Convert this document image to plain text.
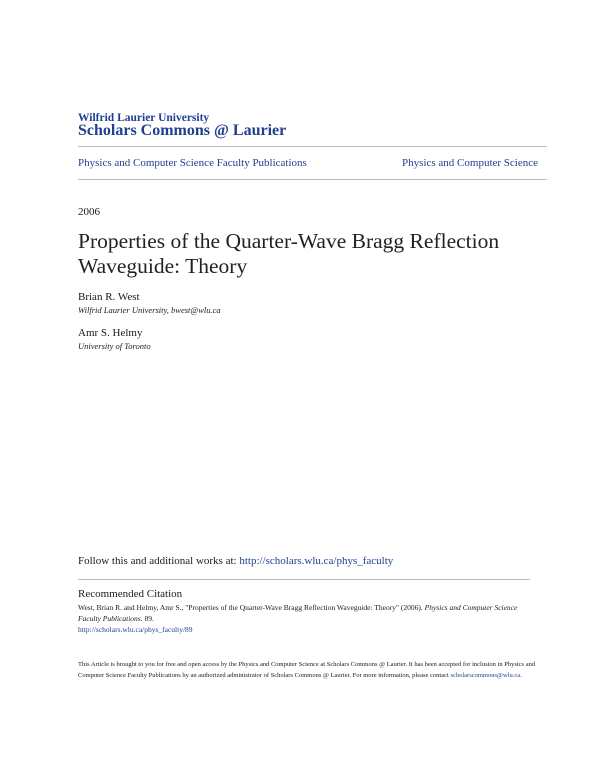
Wilfrid Laurier University
Scholars Commons @ Laurier
Physics and Computer Science Faculty Publications	Physics and Computer Science
2006
Properties of the Quarter-Wave Bragg Reflection Waveguide: Theory
Brian R. West
Wilfrid Laurier University, bwest@wlu.ca
Amr S. Helmy
University of Toronto
Follow this and additional works at: http://scholars.wlu.ca/phys_faculty
Recommended Citation
West, Brian R. and Helmy, Amr S., "Properties of the Quarter-Wave Bragg Reflection Waveguide: Theory" (2006). Physics and Computer Science Faculty Publications. 89.
http://scholars.wlu.ca/phys_faculty/89
This Article is brought to you for free and open access by the Physics and Computer Science at Scholars Commons @ Laurier. It has been accepted for inclusion in Physics and Computer Science Faculty Publications by an authorized administrator of Scholars Commons @ Laurier. For more information, please contact scholarscommons@wlu.ca.
